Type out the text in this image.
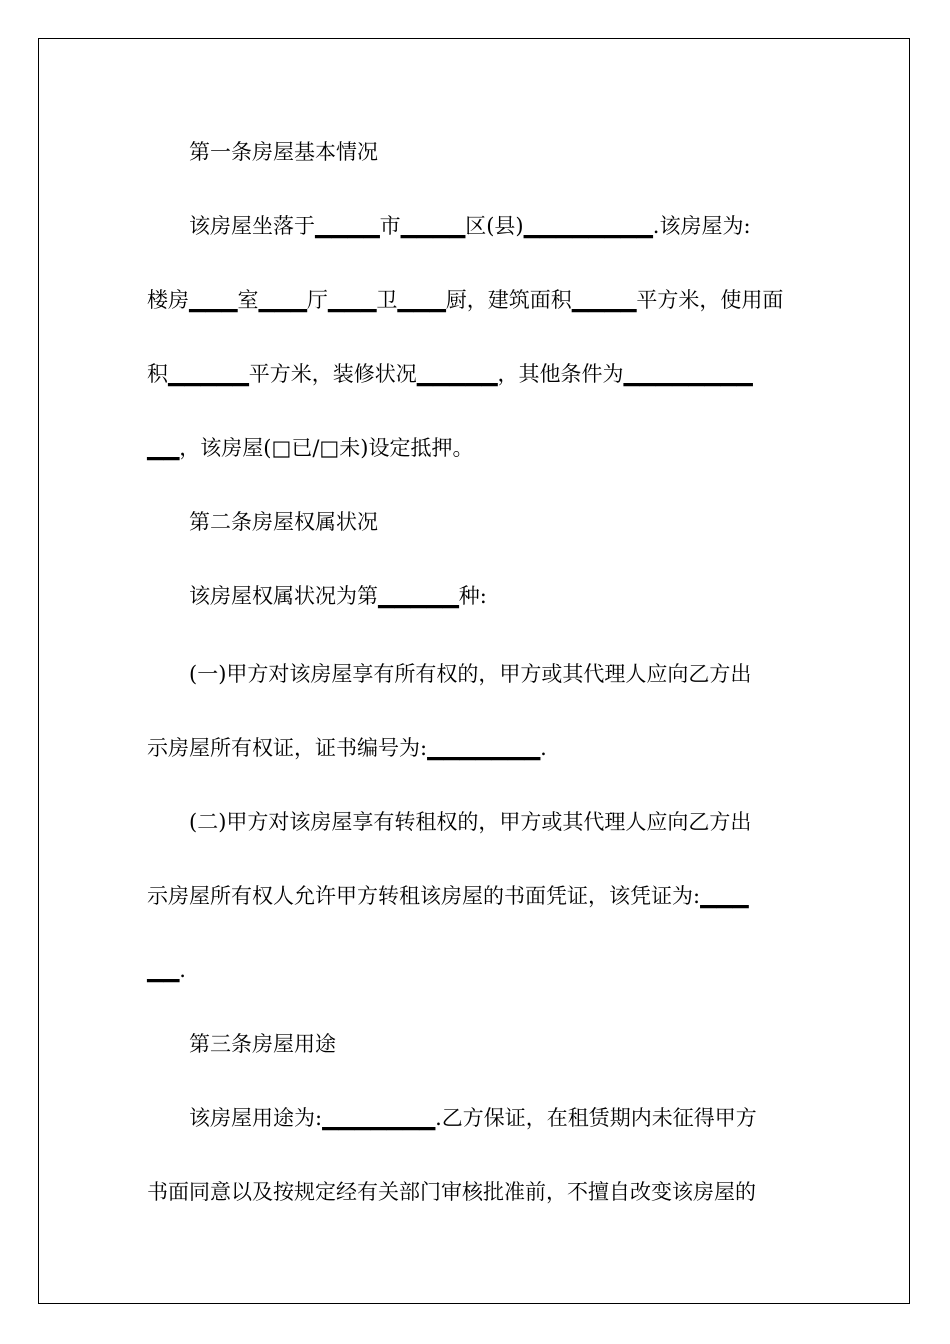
第一条房屋基本情况
该房屋坐落于▁▁▁▁市▁▁▁▁区(县)▁▁▁▁▁▁▁▁.该房屋为:
楼房▁▁▁室▁▁▁厅▁▁▁卫▁▁▁厨，建筑面积▁▁▁▁平方米，使用面
积▁▁▁▁▁平方米，装修状况▁▁▁▁▁，其他条件为▁▁▁▁▁▁▁▁
▁▁，该房屋(□已/□未)设定抵押。
第二条房屋权属状况
该房屋权属状况为第▁▁▁▁▁种:
(一)甲方对该房屋享有所有权的，甲方或其代理人应向乙方出
示房屋所有权证，证书编号为:▁▁▁▁▁▁▁.
(二)甲方对该房屋享有转租权的，甲方或其代理人应向乙方出
示房屋所有权人允许甲方转租该房屋的书面凭证，该凭证为:▁▁▁
▁▁.
第三条房屋用途
该房屋用途为:▁▁▁▁▁▁▁.乙方保证，在租赁期内未征得甲方
书面同意以及按规定经有关部门审核批准前，不擅自改变该房屋的
